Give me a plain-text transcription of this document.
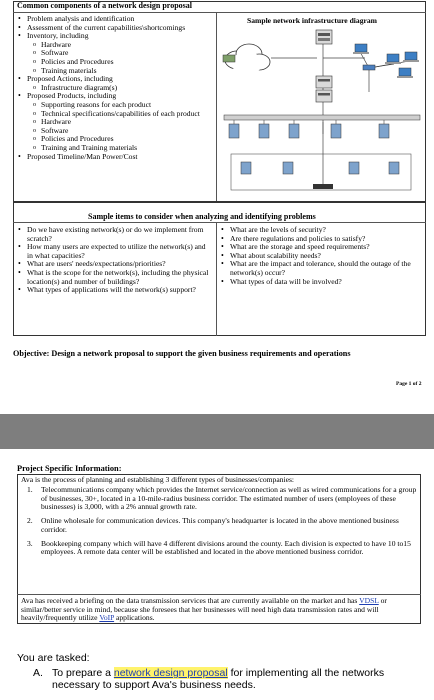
Common components of a network design proposal
Sample network infrastructure diagram
• Problem analysis and identification
• Assessment of the current capabilities\shortcomings
• Inventory, including
o Hardware
o Software
o Policies and Procedures
o Training materials
• Proposed Actions, including
o Infrastructure diagram(s)
• Proposed Products, including
o Supporting reasons for each product
o Technical specifications/capabilities of each product
o Hardware
o Software
o Policies and Procedures
o Training and Training materials
• Proposed Timeline/Man Power/Cost
Sample items to consider when analyzing and identifying problems
• Do we have existing network(s) or do we implement from scratch?
• How many users are expected to utilize the network(s) and in what capacities?
• What are users' needs/expectations/priorities?
• What is the scope for the network(s), including the physical location(s) and number of buildings?
• What types of applications will the network(s) support?
• What are the levels of security?
• Are there regulations and policies to satisfy?
• What are the storage and speed requirements?
• What about scalability needs?
• What are the impact and tolerance, should the outage of the network(s) occur?
• What types of data will be involved?
Objective: Design a network proposal to support the given business requirements and operations
Page 1 of 2
Project Specific Information:
Ava is the process of planning and establishing 3 different types of businesses/companies:
1. Telecommunications company which provides the Internet service/connection as well as wired communications for a group of businesses, 30+, located in a 10-mile-radius business corridor. The estimated number of users (employees of these businesses) is 3,000, with a 2% annual growth rate.
2. Online wholesale for communication devices. This company's headquarter is located in the above mentioned business corridor.
3. Bookkeeping company which will have 4 different divisions around the county. Each division is expected to have 10 to15 employees. A remote data center will be established and located in the above mentioned business corridor.
Ava has received a briefing on the data transmission services that are currently available on the market and has VDSL or similar/better service in mind, because she foresees that her businesses will need high data transmission rates and will heavily/frequently utilize VoIP applications.
You are tasked:
A. To prepare a network design proposal for implementing all the networks necessary to support Ava's business needs.
